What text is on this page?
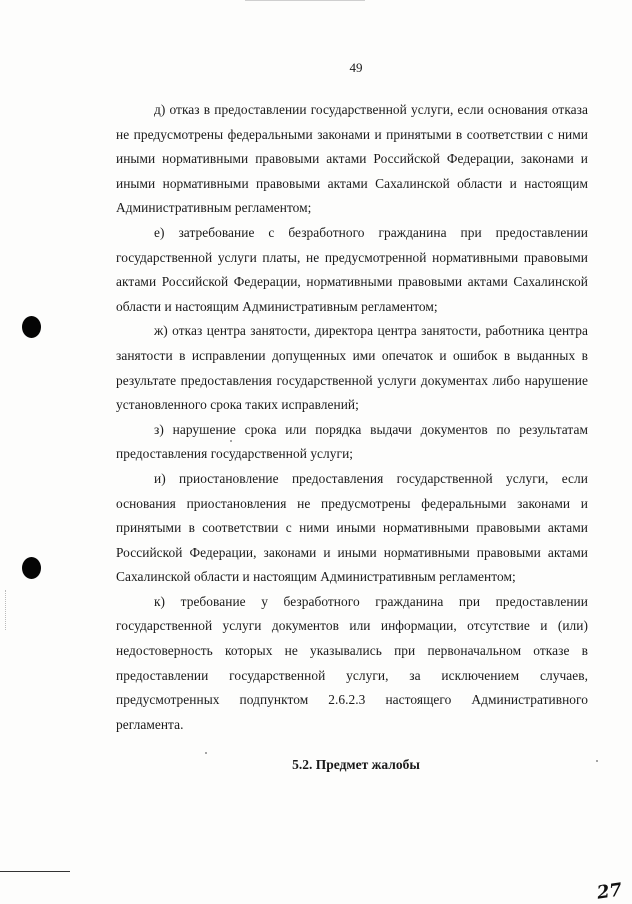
49

д) отказ в предоставлении государственной услуги, если основания отказа не предусмотрены федеральными законами и принятыми в соответствии с ними иными нормативными правовыми актами Российской Федерации, законами и иными нормативными правовыми актами Сахалинской области и настоящим Административным регламентом;

е) затребование с безработного гражданина при предоставлении государственной услуги платы, не предусмотренной нормативными правовыми актами Российской Федерации, нормативными правовыми актами Сахалинской области и настоящим Административным регламентом;

ж) отказ центра занятости, директора центра занятости, работника центра занятости в исправлении допущенных ими опечаток и ошибок в выданных в результате предоставления государственной услуги документах либо нарушение установленного срока таких исправлений;

з) нарушение срока или порядка выдачи документов по результатам предоставления государственной услуги;

и) приостановление предоставления государственной услуги, если основания приостановления не предусмотрены федеральными законами и принятыми в соответствии с ними иными нормативными правовыми актами Российской Федерации, законами и иными нормативными правовыми актами Сахалинской области и настоящим Административным регламентом;

к) требование у безработного гражданина при предоставлении государственной услуги документов или информации, отсутствие и (или) недостоверность которых не указывались при первоначальном отказе в предоставлении государственной услуги, за исключением случаев, предусмотренных подпунктом 2.6.2.3 настоящего Административного регламента.

5.2. Предмет жалобы
27
